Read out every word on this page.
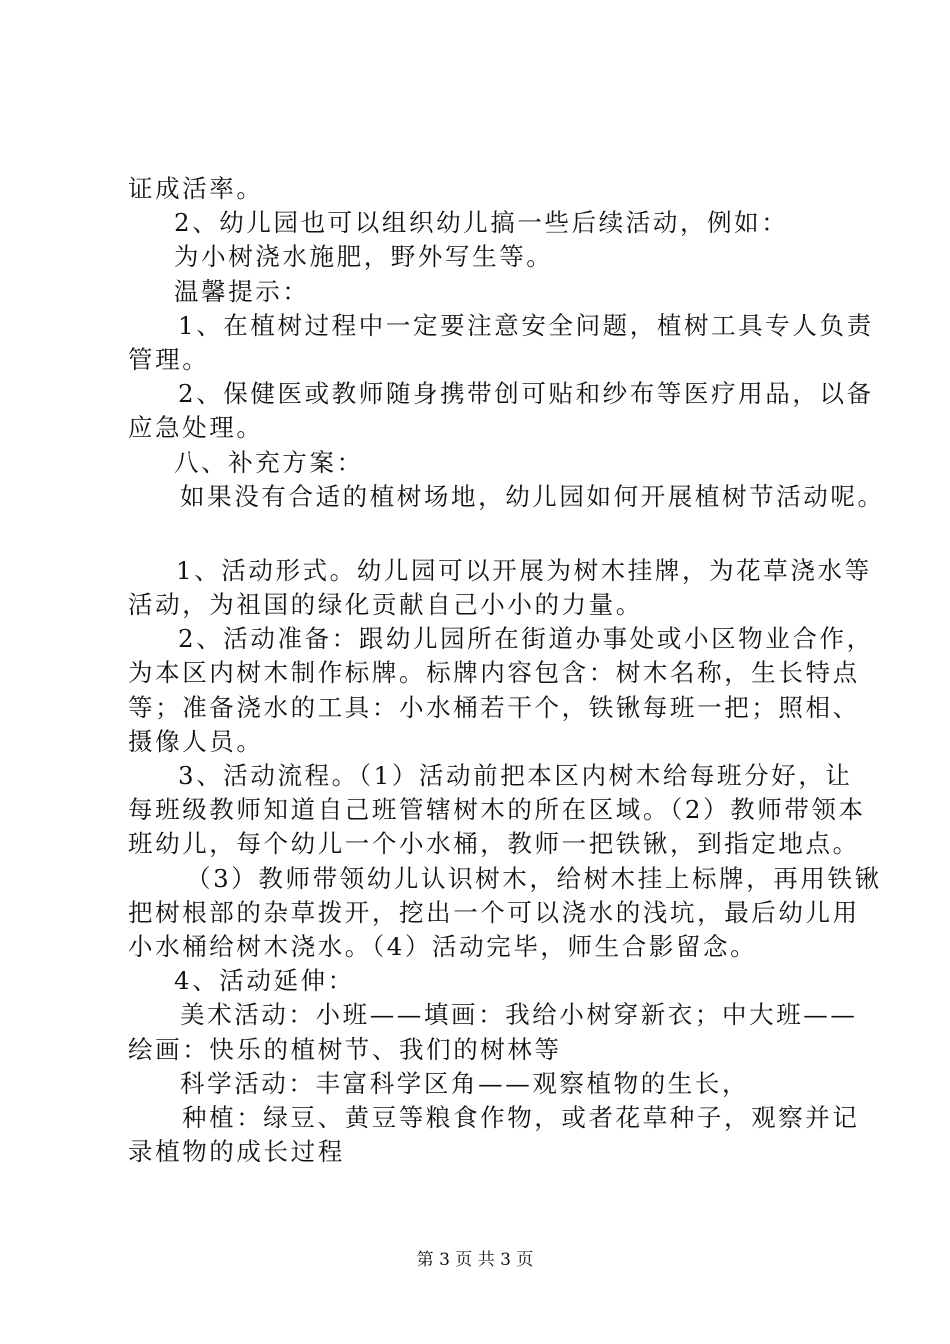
证成活率。
2、幼儿园也可以组织幼儿搞一些后续活动，例如：
为小树浇水施肥，野外写生等。
温馨提示：
1、在植树过程中一定要注意安全问题，植树工具专人负责
管理。
2、保健医或教师随身携带创可贴和纱布等医疗用品，以备
应急处理。
八、补充方案：
如果没有合适的植树场地，幼儿园如何开展植树节活动呢。
1、活动形式。幼儿园可以开展为树木挂牌，为花草浇水等
活动，为祖国的绿化贡献自己小小的力量。
2、活动准备：跟幼儿园所在街道办事处或小区物业合作，
为本区内树木制作标牌。标牌内容包含：树木名称，生长特点
等；准备浇水的工具：小水桶若干个，铁锹每班一把；照相、
摄像人员。
3、活动流程。（1）活动前把本区内树木给每班分好，让
每班级教师知道自己班管辖树木的所在区域。（2）教师带领本
班幼儿，每个幼儿一个小水桶，教师一把铁锹，到指定地点。
（3）教师带领幼儿认识树木，给树木挂上标牌，再用铁锹
把树根部的杂草拨开，挖出一个可以浇水的浅坑，最后幼儿用
小水桶给树木浇水。（4）活动完毕，师生合影留念。
4、活动延伸：
美术活动：小班——填画：我给小树穿新衣；中大班——
绘画：快乐的植树节、我们的树林等
科学活动：丰富科学区角——观察植物的生长，
种植：绿豆、黄豆等粮食作物，或者花草种子，观察并记
录植物的成长过程
第 3 页 共 3 页
